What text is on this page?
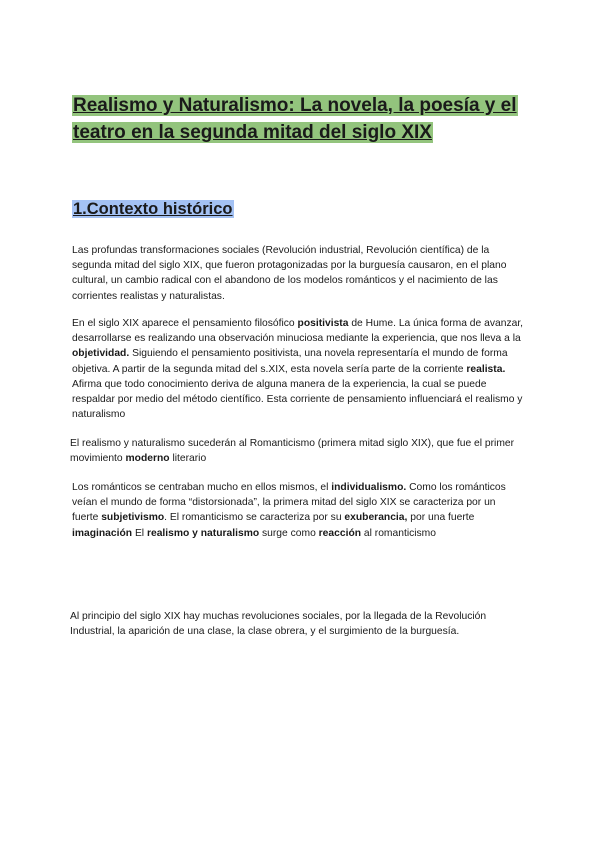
Realismo y Naturalismo: La novela, la poesía y el teatro en la segunda mitad del siglo XIX
1.Contexto histórico

Las profundas transformaciones sociales (Revolución industrial, Revolución científica) de la segunda mitad del siglo XIX, que fueron protagonizadas por la burguesía causaron, en el plano cultural, un cambio radical con el abandono de los modelos románticos y el nacimiento de las corrientes realistas y naturalistas.

En el siglo XIX aparece el pensamiento filosófico positivista de Hume. La única forma de avanzar, desarrollarse es realizando una observación minuciosa mediante la experiencia, que nos lleva a la objetividad. Siguiendo el pensamiento positivista, una novela representaría el mundo de forma objetiva. A partir de la segunda mitad del s.XIX, esta novela sería parte de la corriente realista. Afirma que todo conocimiento deriva de alguna manera de la experiencia, la cual se puede respaldar por medio del método científico. Esta corriente de pensamiento influenciará el realismo y naturalismo

El realismo y naturalismo sucederán al Romanticismo (primera mitad siglo XIX), que fue el primer movimiento moderno literario

Los románticos se centraban mucho en ellos mismos, el individualismo. Como los románticos veían el mundo de forma “distorsionada”, la primera mitad del siglo XIX se caracteriza por un fuerte subjetivismo. El romanticismo se caracteriza por su exuberancia, por una fuerte imaginación El realismo y naturalismo surge como reacción al romanticismo

Al principio del siglo XIX hay muchas revoluciones sociales, por la llegada de la Revolución Industrial, la aparición de una clase, la clase obrera, y el surgimiento de la burguesía.
